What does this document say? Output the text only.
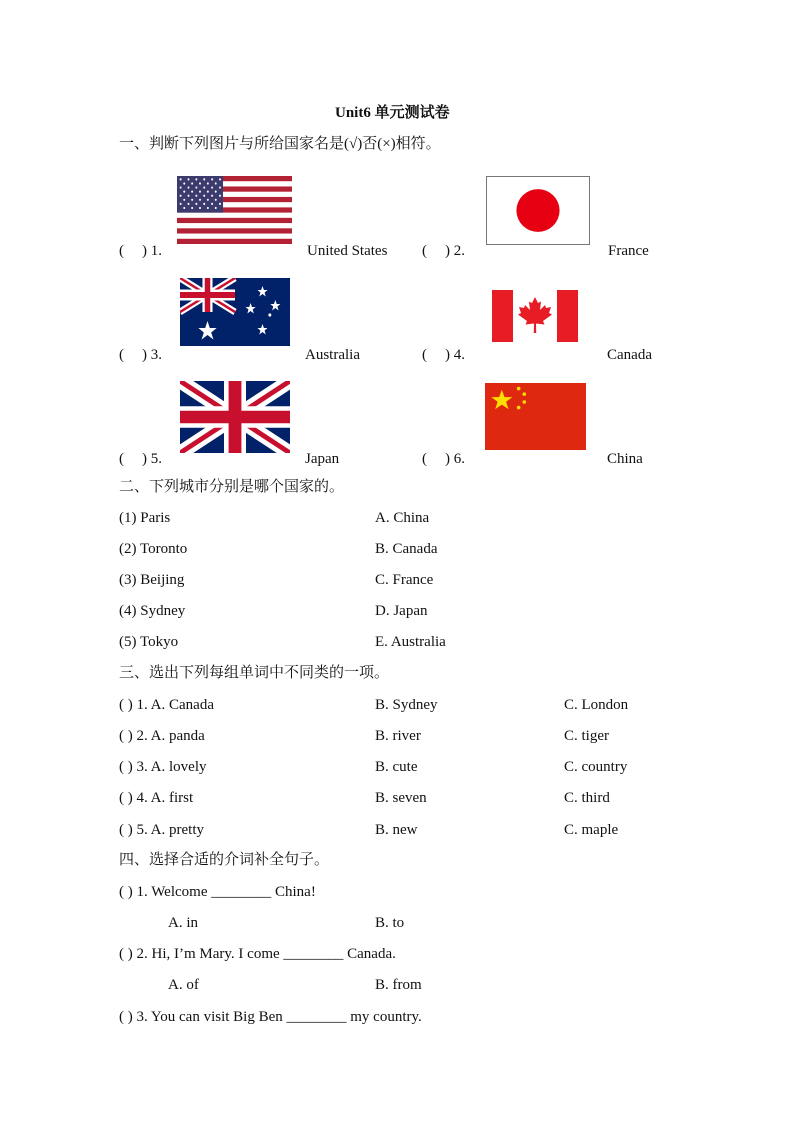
Unit6 单元测试卷
一、判断下列图片与所给国家名是(√)否(×)相符。
( ) 1.	United States ( ) 2.	France
( ) 3.	Australia	( ) 4.	Canada
( ) 5.	Japan	( ) 6.	China
二、下列城市分别是哪个国家的。
(1) Paris	A. China
(2) Toronto	B. Canada
(3) Beijing	C. France
(4) Sydney	D. Japan
(5) Tokyo	E. Australia
三、选出下列每组单词中不同类的一项。
( ) 1. A. Canada	B. Sydney	C. London
( ) 2. A. panda	B. river	C. tiger
( ) 3. A. lovely	B. cute	C. country
( ) 4. A. first	B. seven	C. third
( ) 5. A. pretty	B. new	C. maple
四、选择合适的介词补全句子。
( ) 1. Welcome ________ China!
A. in	B. to
( ) 2. Hi, I’m Mary. I come ________ Canada.
A. of	B. from
( ) 3. You can visit Big Ben ________ my country.
